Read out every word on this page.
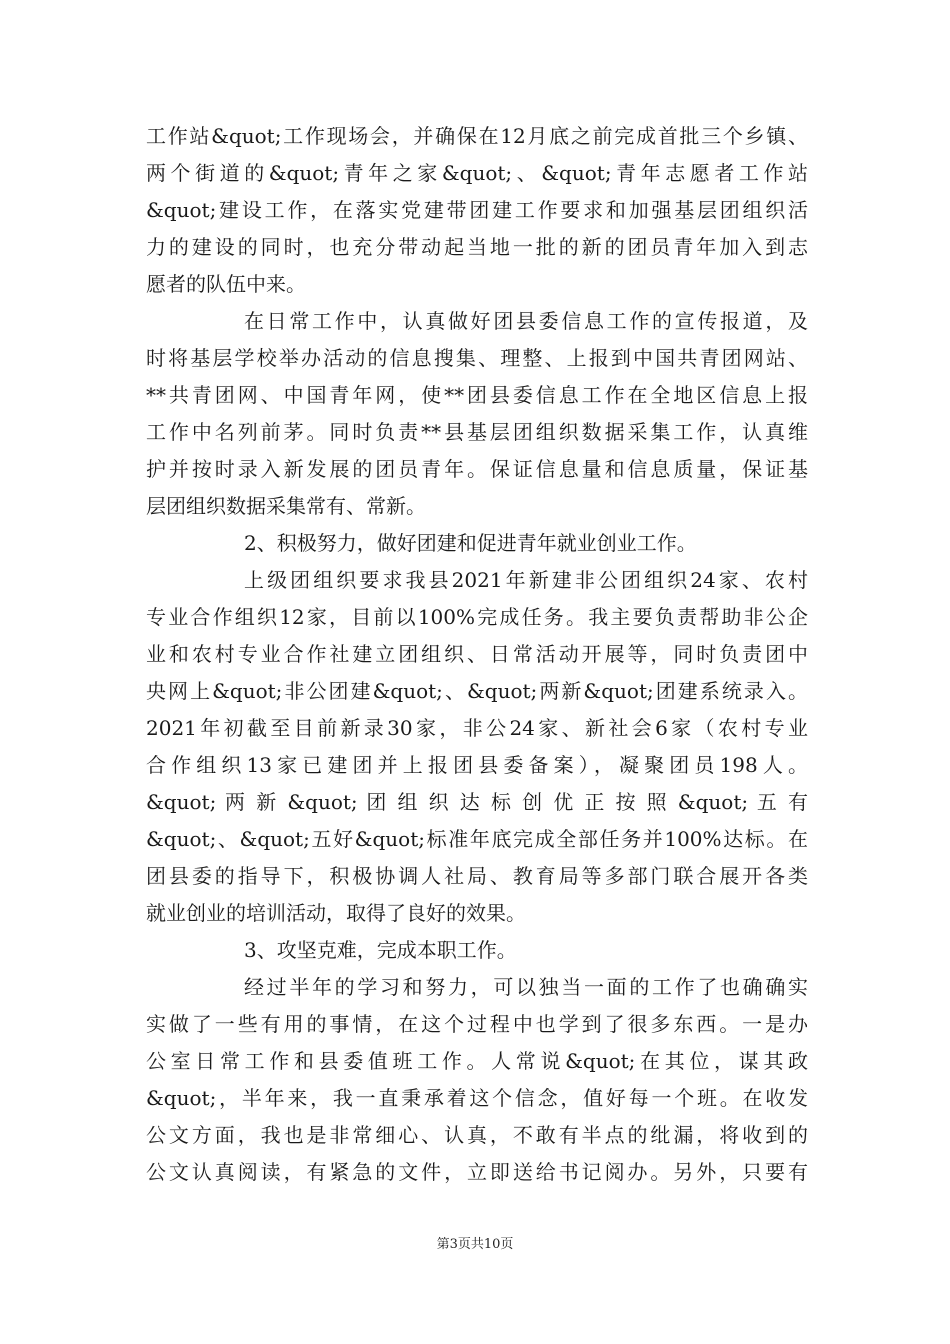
工作站&quot;工作现场会，并确保在12月底之前完成首批三个乡镇、
两个街道的&quot;青年之家&quot;、&quot;青年志愿者工作站
&quot;建设工作，在落实党建带团建工作要求和加强基层团组织活
力的建设的同时，也充分带动起当地一批的新的团员青年加入到志
愿者的队伍中来。
在日常工作中，认真做好团县委信息工作的宣传报道，及
时将基层学校举办活动的信息搜集、理整、上报到中国共青团网站、
**共青团网、中国青年网，使**团县委信息工作在全地区信息上报
工作中名列前茅。同时负责**县基层团组织数据采集工作，认真维
护并按时录入新发展的团员青年。保证信息量和信息质量，保证基
层团组织数据采集常有、常新。
2、积极努力，做好团建和促进青年就业创业工作。
上级团组织要求我县2021年新建非公团组织24家、农村
专业合作组织12家，目前以100%完成任务。我主要负责帮助非公企
业和农村专业合作社建立团组织、日常活动开展等，同时负责团中
央网上&quot;非公团建&quot;、&quot;两新&quot;团建系统录入。
2021年初截至目前新录30家，非公24家、新社会6家（农村专业
合作组织13家已建团并上报团县委备案），凝聚团员198人。
&quot; 两 新 &quot; 团 组 织 达 标 创 优 正 按 照 &quot; 五 有
&quot;、&quot;五好&quot;标准年底完成全部任务并100%达标。在
团县委的指导下，积极协调人社局、教育局等多部门联合展开各类
就业创业的培训活动，取得了良好的效果。
3、攻坚克难，完成本职工作。
经过半年的学习和努力，可以独当一面的工作了也确确实
实做了一些有用的事情，在这个过程中也学到了很多东西。一是办
公室日常工作和县委值班工作。人常说&quot;在其位，谋其政
&quot;，半年来，我一直秉承着这个信念，值好每一个班。在收发
公文方面，我也是非常细心、认真，不敢有半点的纰漏，将收到的
公文认真阅读，有紧急的文件，立即送给书记阅办。另外，只要有
第3页共10页
